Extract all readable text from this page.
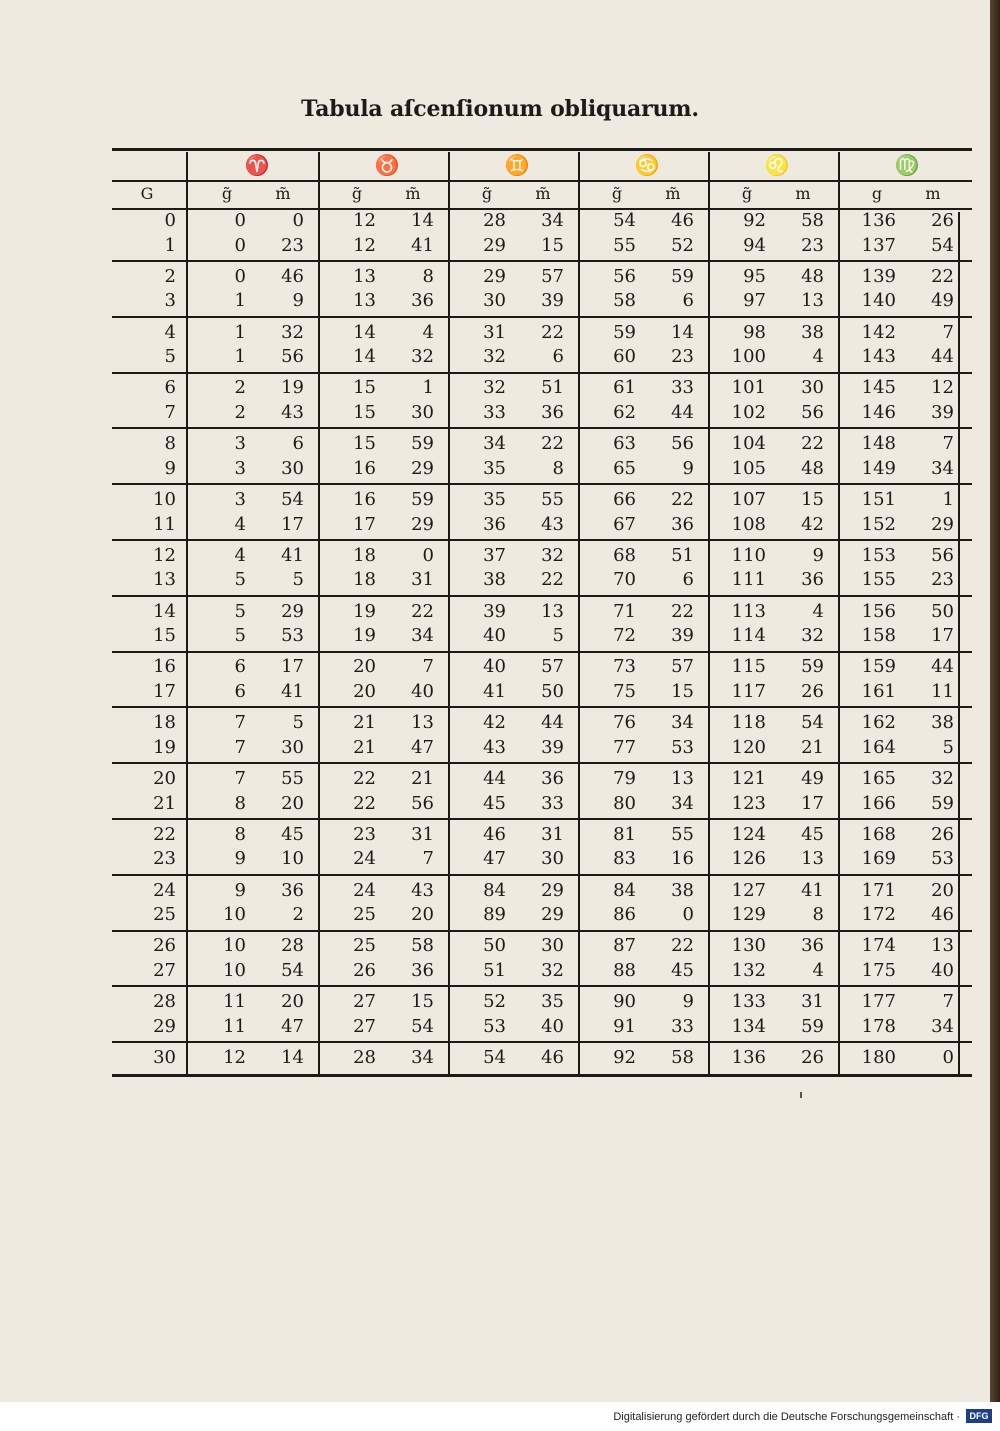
Tabula aſcenſionum obliquarum.
♈	♉	♊	♋	♌	♍
G	g̃	m̃	g̃	m̃	g̃	m̃	g̃	m̃	g̃	m	g	m
0	0	0	12	14	28	34	54	46	92	58	136	26
1	0	23	12	41	29	15	55	52	94	23	137	54
2	0	46	13	8	29	57	56	59	95	48	139	22
3	1	9	13	36	30	39	58	6	97	13	140	49
4	1	32	14	4	31	22	59	14	98	38	142	7
5	1	56	14	32	32	6	60	23	100	4	143	44
6	2	19	15	1	32	51	61	33	101	30	145	12
7	2	43	15	30	33	36	62	44	102	56	146	39
8	3	6	15	59	34	22	63	56	104	22	148	7
9	3	30	16	29	35	8	65	9	105	48	149	34
10	3	54	16	59	35	55	66	22	107	15	151	1
11	4	17	17	29	36	43	67	36	108	42	152	29
12	4	41	18	0	37	32	68	51	110	9	153	56
13	5	5	18	31	38	22	70	6	111	36	155	23
14	5	29	19	22	39	13	71	22	113	4	156	50
15	5	53	19	34	40	5	72	39	114	32	158	17
16	6	17	20	7	40	57	73	57	115	59	159	44
17	6	41	20	40	41	50	75	15	117	26	161	11
18	7	5	21	13	42	44	76	34	118	54	162	38
19	7	30	21	47	43	39	77	53	120	21	164	5
20	7	55	22	21	44	36	79	13	121	49	165	32
21	8	20	22	56	45	33	80	34	123	17	166	59
22	8	45	23	31	46	31	81	55	124	45	168	26
23	9	10	24	7	47	30	83	16	126	13	169	53
24	9	36	24	43	84	29	84	38	127	41	171	20
25	10	2	25	20	89	29	86	0	129	8	172	46
26	10	28	25	58	50	30	87	22	130	36	174	13
27	10	54	26	36	51	32	88	45	132	4	175	40
28	11	20	27	15	52	35	90	9	133	31	177	7
29	11	47	27	54	53	40	91	33	134	59	178	34
30	12	14	28	34	54	46	92	58	136	26	180	0
Digitalisierung gefördert durch die Deutsche Forschungsgemeinschaft ·	DFG
